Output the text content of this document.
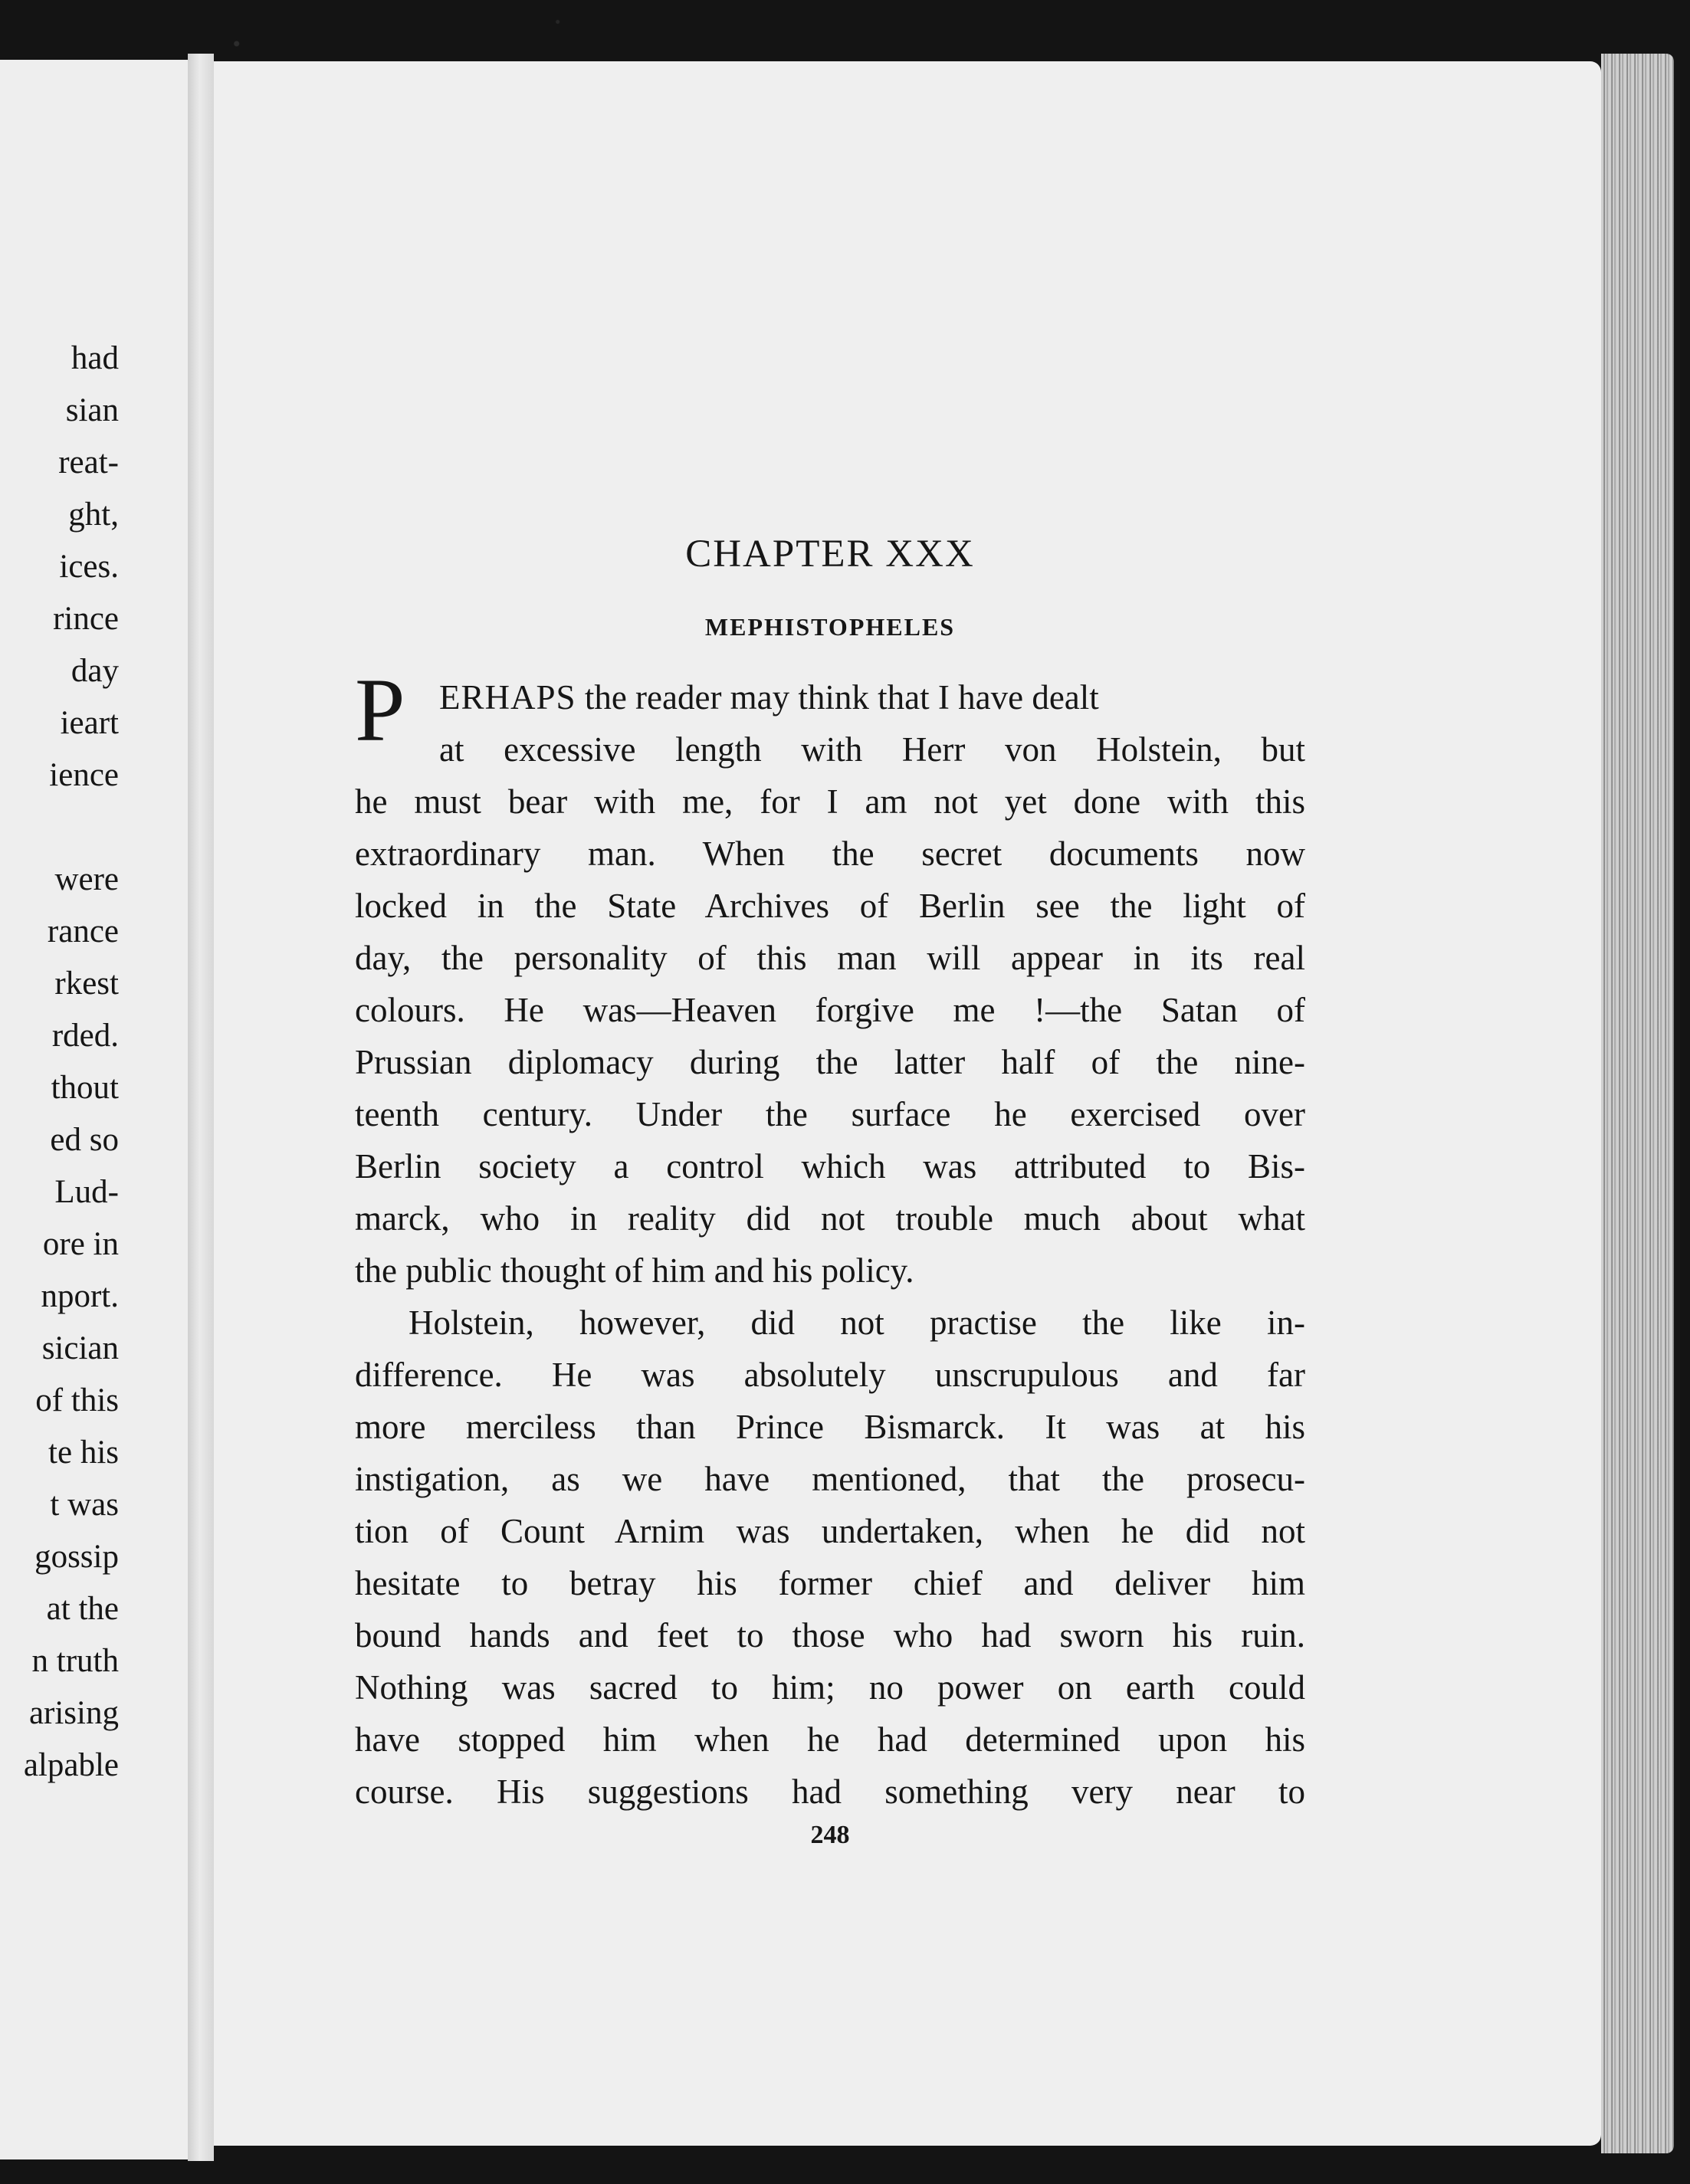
had
sian
reat-
ght,
ices.
rince
day
ieart
ience
were
rance
rkest
rded.
thout
ed so
Lud-
ore in
nport.
sician
of this
te his
t was
gossip
at the
n truth
arising
alpable
CHAPTER XXX
MEPHISTOPHELES
P ERHAPS the reader may think that I have dealt
at excessive length with Herr von Holstein, but
he must bear with me, for I am not yet done with this
extraordinary man. When the secret documents now
locked in the State Archives of Berlin see the light of
day, the personality of this man will appear in its real
colours. He was—Heaven forgive me !—the Satan of
Prussian diplomacy during the latter half of the nine-
teenth century. Under the surface he exercised over
Berlin society a control which was attributed to Bis-
marck, who in reality did not trouble much about what
the public thought of him and his policy.
Holstein, however, did not practise the like in-
difference. He was absolutely unscrupulous and far
more merciless than Prince Bismarck. It was at his
instigation, as we have mentioned, that the prosecu-
tion of Count Arnim was undertaken, when he did not
hesitate to betray his former chief and deliver him
bound hands and feet to those who had sworn his ruin.
Nothing was sacred to him; no power on earth could
have stopped him when he had determined upon his
course. His suggestions had something very near to
248
